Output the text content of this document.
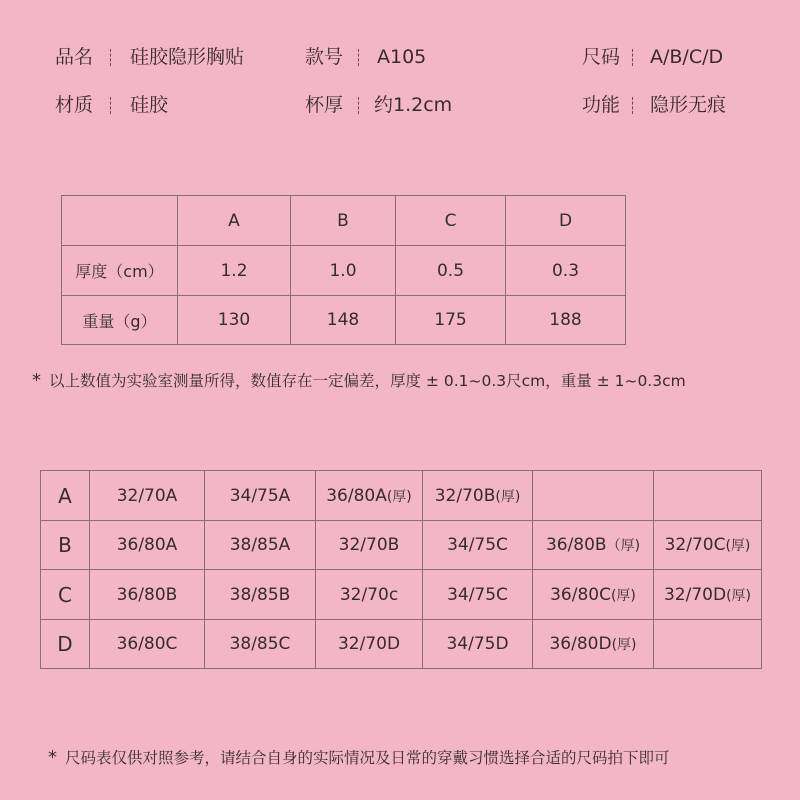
品名 硅胶隐形胸贴	款号 A105	尺码 A/B/C/D
材质 硅胶	杯厚 约1.2cm	功能 隐形无痕
	A	B	C	D
厚度（cm）	1.2	1.0	0.5	0.3
重量（g）	130	148	175	188
* 以上数值为实验室测量所得，数值存在一定偏差，厚度 ± 0.1~0.3尺cm，重量 ± 1~0.3cm
A	32/70A	34/75A	36/80A(厚)	32/70B(厚)		
B	36/80A	38/85A	32/70B	34/75C	36/80B（厚)	32/70C(厚)
C	36/80B	38/85B	32/70c	34/75C	36/80C(厚)	32/70D(厚)
D	36/80C	38/85C	32/70D	34/75D	36/80D(厚)	
* 尺码表仅供对照参考，请结合自身的实际情况及日常的穿戴习惯选择合适的尺码拍下即可
